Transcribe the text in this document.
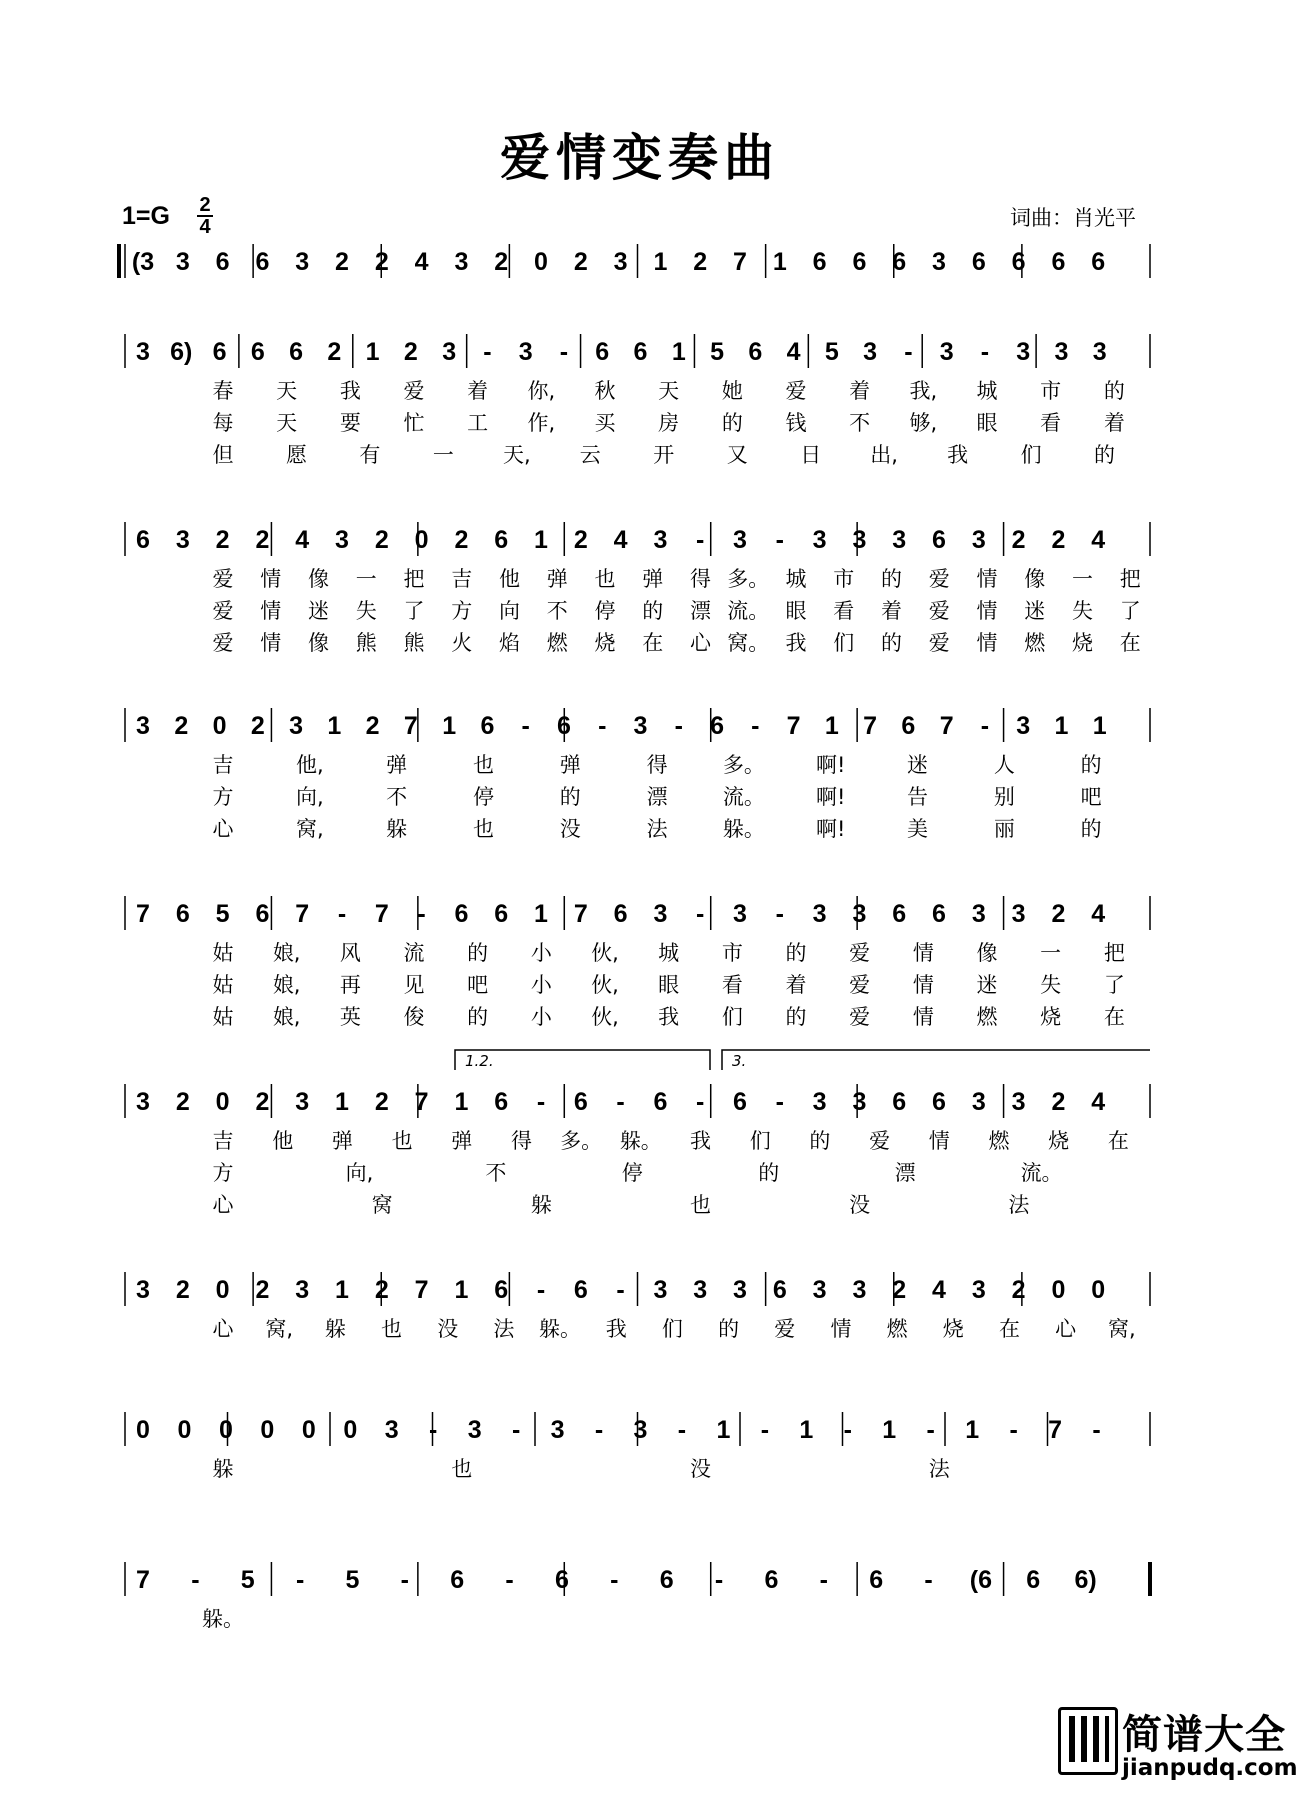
爱情变奏曲
1=G 2
4	词曲：肖光平
(3 3 6 6 3 2 2 4 3 2 0 2 3 1 2 7 1 6 6 6 3 6 6 6 6
3 6) 6 6 6 2 1 2 3 - 3 - 6 6 1 5 6 4 5 3 - 3 - 3 3 3
春 天 我 爱 着 你, 秋 天 她 爱 着 我, 城 市 的
每 天 要 忙 工 作, 买 房 的 钱 不 够, 眼 看 着
但 愿 有 一 天, 云 开 又 日 出, 我 们 的
6 3 2 2 4 3 2 0 2 6 1 2 4 3 - 3 - 3 3 3 6 3 2 2 4
爱 情 像 一 把 吉 他 弹 也 弹 得 多。 城 市 的 爱 情 像 一 把
爱 情 迷 失 了 方 向 不 停 的 漂 流。 眼 看 着 爱 情 迷 失 了
爱 情 像 熊 熊 火 焰 燃 烧 在 心 窝。 我 们 的 爱 情 燃 烧 在
3 2 0 2 3 1 2 7 1 6 - 6 - 3 - 6 - 7 1 7 6 7 - 3 1 1
吉	他,	弹	也	弹	得	多。 啊!	迷	人	的
方	向,	不	停	的	漂	流。 啊!	告	别	吧
心	窝,	躲	也	没	法	躲。 啊!	美	丽	的
7 6 5 6 7 - 7 - 6 6 1 7 6 3 - 3 - 3 3 6 6 3 3 2 4
姑 娘, 风 流 的 小 伙, 城 市 的 爱 情 像 一 把
姑 娘, 再 见 吧 小 伙, 眼 看 着 爱 情 迷 失 了
姑 娘, 英 俊 的 小 伙, 我 们 的 爱 情 燃 烧 在
3 2 0 2 3 1 2 7 1 6 - 6 - 6 - 6 - 3 3 6 6 3 3 2 4
1.2.	3.
吉 他 弹 也 弹 得 多。 躲。 我 们 的 爱 情 燃 烧 在
方	向,	不	停	的	漂	流。
心	窝	躲	也	没	法
3 2 0 2 3 1 2 7 1 6 - 6 - 3 3 3 6 3 3 2 4 3 2 0 0
心 窝, 躲 也 没 法 躲。 我 们 的 爱 情 燃 烧 在 心 窝,
0 0 0 0 0 0 3 - 3 - 3 - 3 - 1 - 1 - 1 - 1 - 7 -
躲	也	没	法
7 - 5 - 5 - 6 - 6 - 6 - 6 - 6 - (6 6 6)
躲。
简谱大全
jianpudq.com
